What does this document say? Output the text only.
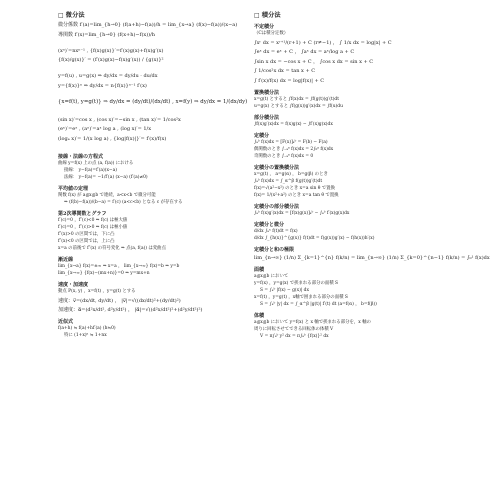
□ 微分法
微分係数 f′(a)=lim_{h→0} (f(a+h)−f(a))/h = lim_{x→a} (f(x)−f(a))/(x−a)
導関数 f′(x)=lim_{h→0} (f(x+h)−f(x))/h
(xⁿ)′=nxⁿ⁻¹ , {f(x)g(x)}′=f′(x)g(x)+f(x)g′(x)
{f(x)/g(x)}′ = (f′(x)g(x)−f(x)g′(x)) / {g(x)}²
y=f(u) , u=g(x) ⇒ dy/dx = dy/du · du/dx
y={f(x)}ⁿ ⇒ dy/dx = n{f(x)}ⁿ⁻¹ f′(x)
{x=f(t), y=g(t)} ⇒ dy/dx = (dy/dt)/(dx/dt) , x=f(y) ⇒ dy/dx = 1/(dx/dy)
(sin x)′=cos x , (cos x)′=−sin x , (tan x)′= 1/cos²x
(eˣ)′=eˣ , (aˣ)′=aˣ log a , (log x)′= 1/x
(logₐ x)′= 1/(x log a) , {log|f(x)|}′= f′(x)/f(x)
接線・法線の方程式
曲線 y=f(x) 上の点 (a, f(a)) における
接線： y−f(a)=f′(a)(x−a)
法線： y−f(a)= −1/f′(a) (x−a) (f′(a)≠0)
平均値の定理
関数 f(x) が a≦x≦b で連続，a<x<b で微分可能
⇒ (f(b)−f(a))/(b−a) = f′(c) (a<c<b) となる c が存在する
第2次導関数とグラフ
f′(c)=0 ，f″(c)<0 ⇒ f(c) は極大値
f′(c)=0 ，f″(c)>0 ⇒ f(c) は極小値
f″(x)>0 の区間では，下に凸
f″(x)<0 の区間では，上に凸
x=a の前後で f″(x) の符号変化 ⇒ 点(a, f(a)) は変曲点
漸近線
lim_{x→a} f(x)=±∞ ⇒ x=a ， lim_{x→∞} f(x)=b ⇒ y=b
lim_{x→∞} {f(x)−(mx+n)}=0 ⇒ y=mx+n
速度・加速度
動点 P(x, y) ，x=f(t) ，y=g(t) とする
速度：v⃗=(dx/dt, dy/dt) ， |v⃗|=√((dx/dt)²+(dy/dt)²)
加速度：α⃗=(d²x/dt², d²y/dt²) ， |α⃗|=√((d²x/dt²)²+(d²y/dt²)²)
近似式
f(a+h) ≒ f(a)+hf′(a) (h≒0)
特に (1+x)ⁿ ≒ 1+nx
□ 積分法
不定積分
（Cは積分定数）
∫xʳ dx = xʳ⁺¹/(r+1) + C (r≠−1) ， ∫ 1/x dx = log|x| + C
∫eˣ dx = eˣ + C ， ∫aˣ dx = aˣ/log a + C
∫sin x dx = −cos x + C ， ∫cos x dx = sin x + C
∫ 1/cos²x dx = tan x + C
∫ f′(x)/f(x) dx = log|f(x)| + C
置換積分法
x=g(t) とすると ∫f(x)dx = ∫f(g(t))g′(t)dt
u=g(x) とすると ∫f(g(x))g′(x)dx = ∫f(u)du
部分積分法
∫f(x)g′(x)dx = f(x)g(x) − ∫f′(x)g(x)dx
定積分
∫ₐᵇ f(x)dx = [F(x)]ₐᵇ = F(b) − F(a)
偶関数のとき ∫₋ₐᵃ f(x)dx = 2∫₀ᵃ f(x)dx
奇関数のとき ∫₋ₐᵃ f(x)dx = 0
定積分の置換積分法
x=g(t) ， a=g(α) ， b=g(β) のとき
∫ₐᵇ f(x)dx = ∫_α^β f(g(t))g′(t)dt
f(x)=√(a²−x²) のとき x=a sin θ で置換
f(x)= 1/(x²+a²) のとき x=a tan θ で置換
定積分の部分積分法
∫ₐᵇ f(x)g′(x)dx = [f(x)g(x)]ₐᵇ − ∫ₐᵇ f′(x)g(x)dx
定積分と微分
d/dx ∫ₐˣ f(t)dt = f(x)
d/dx ∫_{h(x)}^{g(x)} f(t)dt = f(g(x))g′(x) − f(h(x))h′(x)
定積分と和の極限
lim_{n→∞} (1/n) Σ_{k=1}^{n} f(k/n) = lim_{n→∞} (1/n) Σ_{k=0}^{n−1} f(k/n) = ∫₀¹ f(x)dx
面積
a≦x≦b において
y=f(x) ，y=g(x) で挟まれる部分の面積 S
S = ∫ₐᵇ |f(x) − g(x)| dx
x=f(t) ，y=g(t) ，x軸で囲まれる部分の面積 S
S = ∫ₐᵇ |y| dx = ∫_α^β |g(t)| f′(t) dt (a=f(α) ， b=f(β))
体積
a≦x≦b において y=f(x) と x 軸で挟まれる部分を，x 軸の
周りに回転させてできる回転体の体積 V
V = π∫ₐᵇ y² dx = π∫ₐᵇ {f(x)}² dx
